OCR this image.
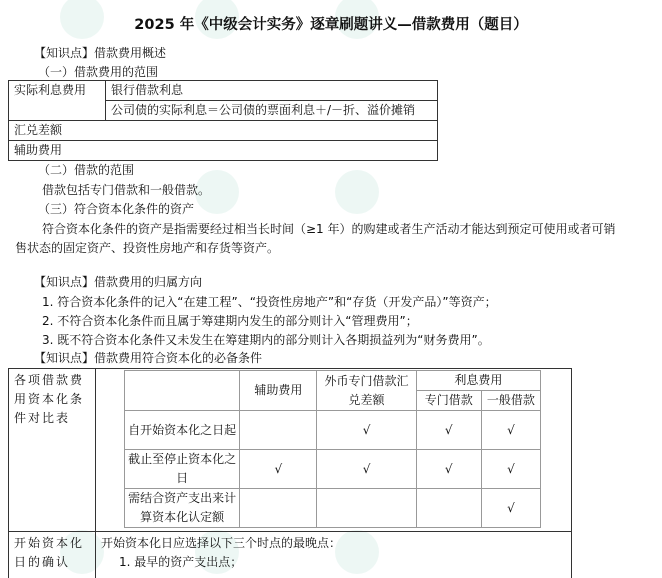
2025 年《中级会计实务》逐章刷题讲义—借款费用（题目）
【知识点】借款费用概述
（一）借款费用的范围
实际利息费用	银行借款利息
公司债的实际利息＝公司债的票面利息＋/－折、溢价摊销
汇兑差额
辅助费用
（二）借款的范围
借款包括专门借款和一般借款。
（三）符合资本化条件的资产
符合资本化条件的资产是指需要经过相当长时间（≥1 年）的购建或者生产活动才能达到预定可使用或者可销
售状态的固定资产、投资性房地产和存货等资产。
【知识点】借款费用的归属方向
1. 符合资本化条件的记入“在建工程”、“投资性房地产”和“存货（开发产品）”等资产；
2. 不符合资本化条件而且属于筹建期内发生的部分则计入“管理费用”；
3. 既不符合资本化条件又未发生在筹建期内的部分则计入各期损益列为“财务费用”。
【知识点】借款费用符合资本化的必备条件
各项借款费用资本化条件对比表	
	辅助费用	外币专门借款汇兑差额	利息费用
专门借款	一般借款
自开始资本化之日起		√	√	√
截止至停止资本化之日	√	√	√	√
需结合资产支出来计算资本化认定额				√

开始资本化日的确认	
开始资本化日应选择以下三个时点的最晚点：
1. 最早的资产支出点；
